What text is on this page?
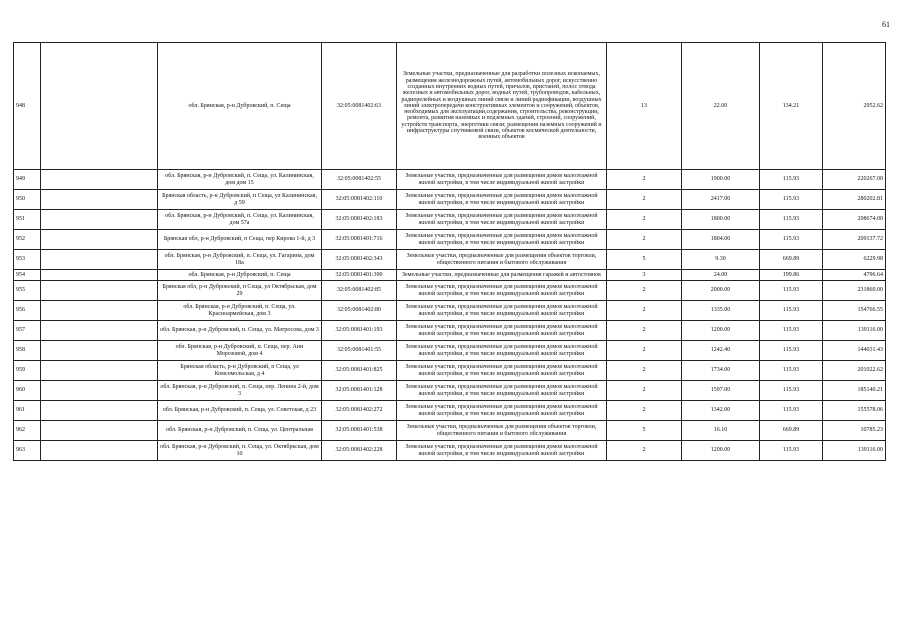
61
948		обл. Брянская, р-н Дубровский, п. Сеща	32:05:0081402:63	Земельные участки, предназначенные для разработки полезных ископаемых, размещения железнодорожных путей, автомобильных дорог, искусственно созданных внутренних водных путей, причалов, пристаней, полос отвода железных и автомобильных дорог, водных путей, трубопроводов, кабельных, радиорелейных и воздушных линий связи и линий радиофикации, воздушных линий электропередачи конструктивных элементов и сооружений, объектов, необходимых для эксплуатации,содержания, строительства, реконструкции, ремонта, развития наземных и подземных зданий, строений, сооружений, устройств транспорта, энергетики связи; размещения наземных сооружений и инфраструктуры спутниковой связи, объектов космической деятельности, военных объектов	13	22.00	134.21	2952.62
949		обл. Брянская, р-н Дубровский, п. Сеща, ул. Калининская, дом дом 15	32:05:0081402:55	Земельные участки, предназначенные для размещения домов малоэтажной жилой застройки, в том числе индивидуальной жилой застройки	2	1900.00	115.93	220267.00
950		Брянская область, р-н Дубровский, п Сеща, ул Калининская, д 59	32:05:0081402:110	Земельные участки, предназначенные для размещения домов малоэтажной жилой застройки, в том числе индивидуальной жилой застройки	2	2417.00	115.93	280202.81
951		обл. Брянская, р-н Дубровский, п. Сеща, ул. Калининская, дом 57а	32:05:0081402:183	Земельные участки, предназначенные для размещения домов малоэтажной жилой застройки, в том числе индивидуальной жилой застройки	2	1800.00	115.93	208674.00
952		Брянская обл, р-н Дубровский, п Сеща, пер Кирова 1-й, д 3	32:05:0081401:716	Земельные участки, предназначенные для размещения домов малоэтажной жилой застройки, в том числе индивидуальной жилой застройки	2	1804.00	115.93	209137.72
953		обл. Брянская, р-н Дубровский, п. Сеща, ул. Гагарина, дом 18а	32:05:0081402:343	Земельные участки, предназначенные для размещения объектов торговли, общественного питания и бытового обслуживания	5	9.30	669.89	6229.98
954		обл. Брянская, р-н Дубровский, п. Сеща	32:05:0081401:390	Земельные участки, предназначенные для размещения гаражей и автостоянок	3	24.00	199.86	4796.64
955		Брянская обл, р-н Дубровский, п Сеща, ул Октябрьская, дом 29	32:05:0081402:85	Земельные участки, предназначенные для размещения домов малоэтажной жилой застройки, в том числе индивидуальной жилой застройки	2	2000.00	115.93	231860.00
956		обл. Брянская, р-н Дубровский, п. Сеща, ул. Красноармейская, дом 3	32:05:0081402:80	Земельные участки, предназначенные для размещения домов малоэтажной жилой застройки, в том числе индивидуальной жилой застройки	2	1335.00	115.93	154766.55
957		обл. Брянская, р-н Дубровский, п. Сеща, ул. Матросова, дом 3	32:05:0081401:193	Земельные участки, предназначенные для размещения домов малоэтажной жилой застройки, в том числе индивидуальной жилой застройки	2	1200.00	115.93	139116.00
958		обл. Брянская, р-н Дубровский, п. Сеща, пер. Ани Морозовой, дом 4	32:05:0081401:55	Земельные участки, предназначенные для размещения домов малоэтажной жилой застройки, в том числе индивидуальной жилой застройки	2	1242.40	115.93	144031.43
959		Брянская область, р-н Дубровский, п Сеща, ул Комсомольская, д 4	32:05:0081401:825	Земельные участки, предназначенные для размещения домов малоэтажной жилой застройки, в том числе индивидуальной жилой застройки	2	1734.00	115.93	201022.62
960		обл. Брянская, р-н Дубровский, п. Сеща, пер. Ленина 2-й, дом 3	32:05:0081401:128	Земельные участки, предназначенные для размещения домов малоэтажной жилой застройки, в том числе индивидуальной жилой застройки	2	1597.00	115.93	185140.21
961		обл. Брянская, р-н Дубровский, п. Сеща, ул. Советская, д 23	32:05:0081402:272	Земельные участки, предназначенные для размещения домов малоэтажной жилой застройки, в том числе индивидуальной жилой застройки	2	1342.00	115.93	155578.06
962		обл. Брянская, р-н Дубровский, п. Сеща, ул. Центральная	32:05:0081401:538	Земельные участки, предназначенные для размещения объектов торговли, общественного питания и бытового обслуживания	5	16.10	669.89	10785.23
963		обл. Брянская, р-н Дубровский, п. Сеща, ул. Октябрьская, дом 10	32:05:0081402:228	Земельные участки, предназначенные для размещения домов малоэтажной жилой застройки, в том числе индивидуальной жилой застройки	2	1200.00	115.93	139116.00
